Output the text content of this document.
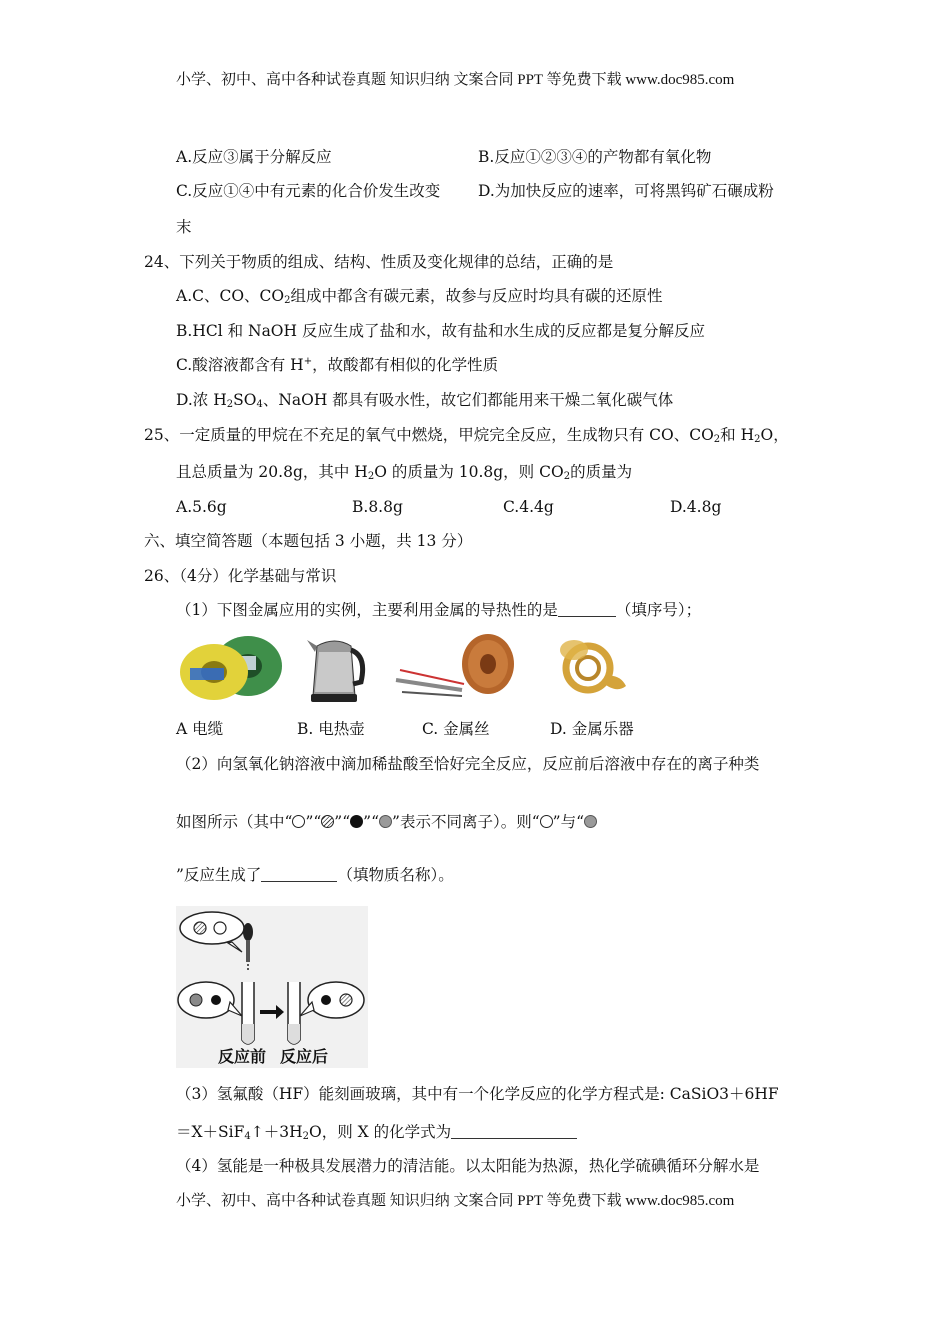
小学、初中、高中各种试卷真题 知识归纳 文案合同 PPT 等免费下载 www.doc985.com
A.反应③属于分解反应	B.反应①②③④的产物都有氧化物
C.反应①④中有元素的化合价发生改变 D.为加快反应的速率，可将黑钨矿石碾成粉
末
24、下列关于物质的组成、结构、性质及变化规律的总结，正确的是
A.C、CO、$CO_2$组成中都含有碳元素，故参与反应时均具有碳的还原性
B.HCl 和 NaOH 反应生成了盐和水，故有盐和水生成的反应都是复分解反应
C.酸溶液都含有 H+，故酸都有相似的化学性质
D.浓 $H_2SO_4$、NaOH 都具有吸水性，故它们都能用来干燥二氧化碳气体
25、一定质量的甲烷在不充足的氧气中燃烧，甲烷完全反应，生成物只有 CO、$CO_2$和 $H_2O$，
且总质量为 20.8g，其中 $H_2O$ 的质量为 10.8g，则 $CO_2$的质量为
A.5.6g	B.8.8g	C.4.4g	D.4.8g
六、填空简答题（本题包括 3 小题，共 13 分）
26、（4分）化学基础与常识
（1）下图金属应用的实例，主要利用金属的导热性的是	（填序号）；
A 电缆	B. 电热壶	C. 金属丝	D. 金属乐器
（2）向氢氧化钠溶液中滴加稀盐酸至恰好完全反应，反应前后溶液中存在的离子种类
如图所示（其中“ ”“ ”“ ”“ ”表示不同离子）。则“ ”与“
”反应生成了	（填物质名称）。
反应前 反应后
（3）氢氟酸（HF）能刻画玻璃，其中有一个化学反应的化学方程式是: CaSiO3＋6HF
$=X+SiF_4↑+3H_2O$，则 X 的化学式为
（4）氢能是一种极具发展潜力的清洁能。以太阳能为热源，热化学硫碘循环分解水是
小学、初中、高中各种试卷真题 知识归纳 文案合同 PPT 等免费下载 www.doc985.com
